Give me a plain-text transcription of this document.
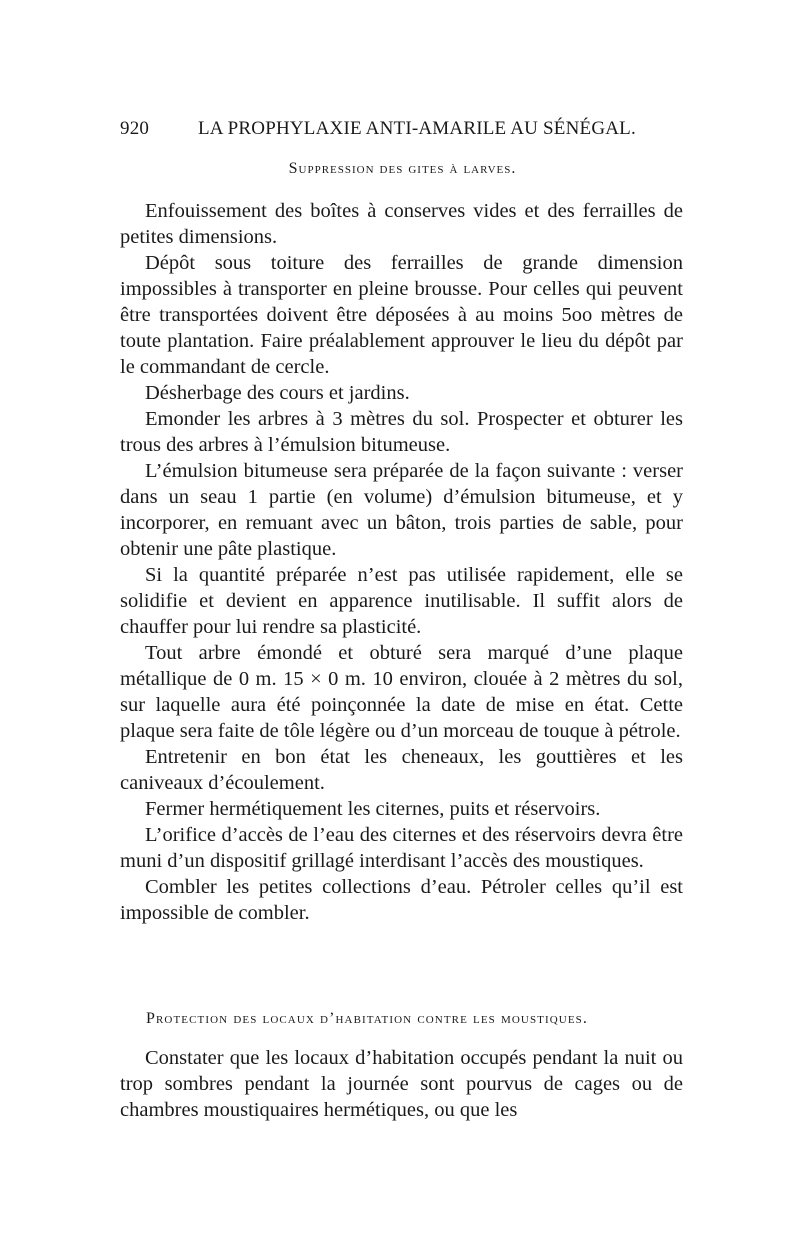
920	LA PROPHYLAXIE ANTI-AMARILE AU SÉNÉGAL.
Suppression des gites à larves.

Enfouissement des boîtes à conserves vides et des ferrailles de petites dimensions.

Dépôt sous toiture des ferrailles de grande dimension impossibles à transporter en pleine brousse. Pour celles qui peuvent être transportées doivent être déposées à au moins 5oo mètres de toute plantation. Faire préalablement approuver le lieu du dépôt par le commandant de cercle.

Désherbage des cours et jardins.

Emonder les arbres à 3 mètres du sol. Prospecter et obturer les trous des arbres à l’émulsion bitumeuse.

L’émulsion bitumeuse sera préparée de la façon suivante : verser dans un seau 1 partie (en volume) d’émulsion bitumeuse, et y incorporer, en remuant avec un bâton, trois parties de sable, pour obtenir une pâte plastique.

Si la quantité préparée n’est pas utilisée rapidement, elle se solidifie et devient en apparence inutilisable. Il suffit alors de chauffer pour lui rendre sa plasticité.

Tout arbre émondé et obturé sera marqué d’une plaque métallique de 0 m. 15 × 0 m. 10 environ, clouée à 2 mètres du sol, sur laquelle aura été poinçonnée la date de mise en état. Cette plaque sera faite de tôle légère ou d’un morceau de touque à pétrole.

Entretenir en bon état les cheneaux, les gouttières et les caniveaux d’écoulement.

Fermer hermétiquement les citernes, puits et réservoirs.

L’orifice d’accès de l’eau des citernes et des réservoirs devra être muni d’un dispositif grillagé interdisant l’accès des moustiques.

Combler les petites collections d’eau. Pétroler celles qu’il est impossible de combler.

Protection des locaux d’habitation contre les moustiques.

Constater que les locaux d’habitation occupés pendant la nuit ou trop sombres pendant la journée sont pourvus de cages ou de chambres moustiquaires hermétiques, ou que les
